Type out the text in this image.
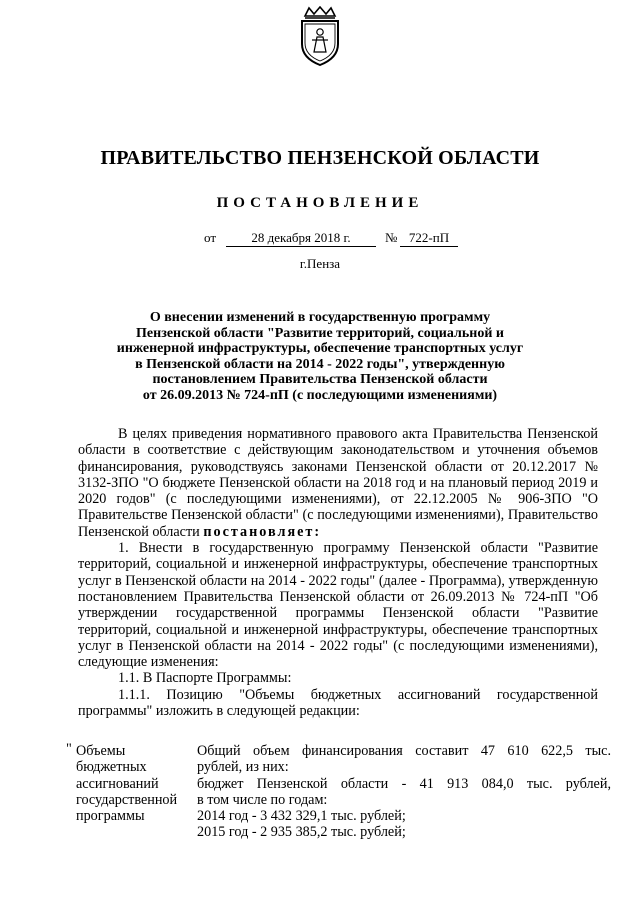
ПРАВИТЕЛЬСТВО ПЕНЗЕНСКОЙ ОБЛАСТИ
ПОСТАНОВЛЕНИЕ
от	28 декабря 2018 г.	№ 722-пП
г.Пенза
О внесении изменений в государственную программу
Пензенской области "Развитие территорий, социальной и
инженерной инфраструктуры, обеспечение транспортных услуг
в Пензенской области на 2014 - 2022 годы", утвержденную
постановлением Правительства Пензенской области
от 26.09.2013 № 724-пП (с последующими изменениями)

В целях приведения нормативного правового акта Правительства Пензенской области в соответствие с действующим законодательством и уточнения объемов финансирования, руководствуясь законами Пензенской области от 20.12.2017 № 3132-ЗПО "О бюджете Пензенской области на 2018 год и на плановый период 2019 и 2020 годов" (с последующими изменениями), от 22.12.2005 № 906-ЗПО "О Правительстве Пензенской области" (с последующими изменениями), Правительство Пензенской области постановляет:

1. Внести в государственную программу Пензенской области "Развитие территорий, социальной и инженерной инфраструктуры, обеспечение транспортных услуг в Пензенской области на 2014 - 2022 годы" (далее - Программа), утвержденную постановлением Правительства Пензенской области от 26.09.2013 № 724-пП "Об утверждении государственной программы Пензенской области "Развитие территорий, социальной и инженерной инфраструктуры, обеспечение транспортных услуг в Пензенской области на 2014 - 2022 годы" (с последующими изменениями), следующие изменения:

1.1. В Паспорте Программы:

1.1.1. Позицию "Объемы бюджетных ассигнований государственной программы" изложить в следующей редакции:

" Объемы
бюджетных
ассигнований
государственной
программы
Общий объем финансирования составит 47 610 622,5 тыс.
рублей, из них:
бюджет Пензенской области - 41 913 084,0 тыс. рублей,
в том числе по годам:
2014 год - 3 432 329,1 тыс. рублей;
2015 год - 2 935 385,2 тыс. рублей;
